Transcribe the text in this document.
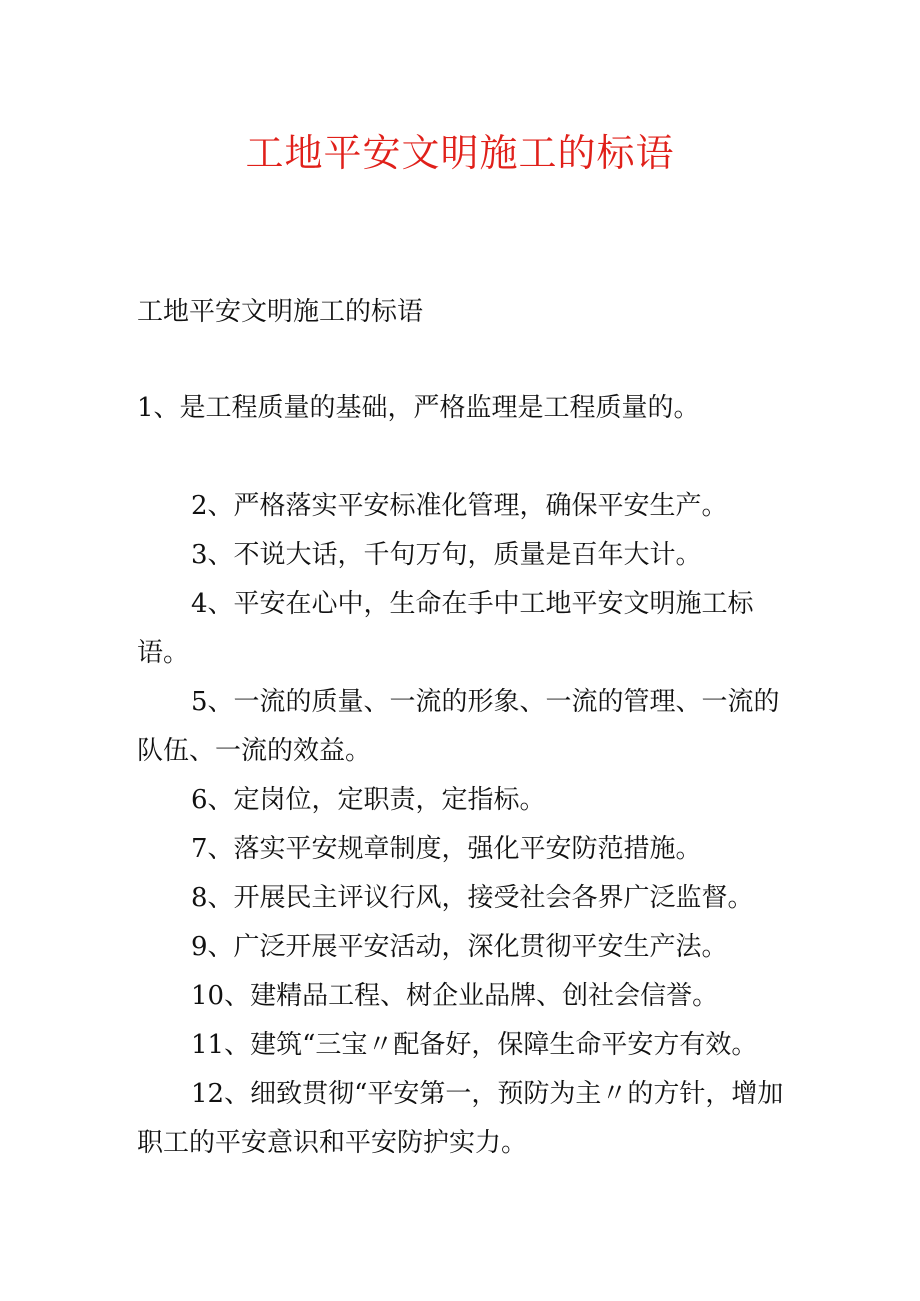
工地平安文明施工的标语
工地平安文明施工的标语
1、是工程质量的基础，严格监理是工程质量的。

2、严格落实平安标准化管理，确保平安生产。

3、不说大话，千句万句，质量是百年大计。

4、平安在心中，生命在手中工地平安文明施工标语。

5、一流的质量、一流的形象、一流的管理、一流的队伍、一流的效益。

6、定岗位，定职责，定指标。

7、落实平安规章制度，强化平安防范措施。

8、开展民主评议行风，接受社会各界广泛监督。

9、广泛开展平安活动，深化贯彻平安生产法。

10、建精品工程、树企业品牌、创社会信誉。

11、建筑“三宝〃配备好，保障生命平安方有效。

12、细致贯彻“平安第一，预防为主〃的方针，增加职工的平安意识和平安防护实力。
